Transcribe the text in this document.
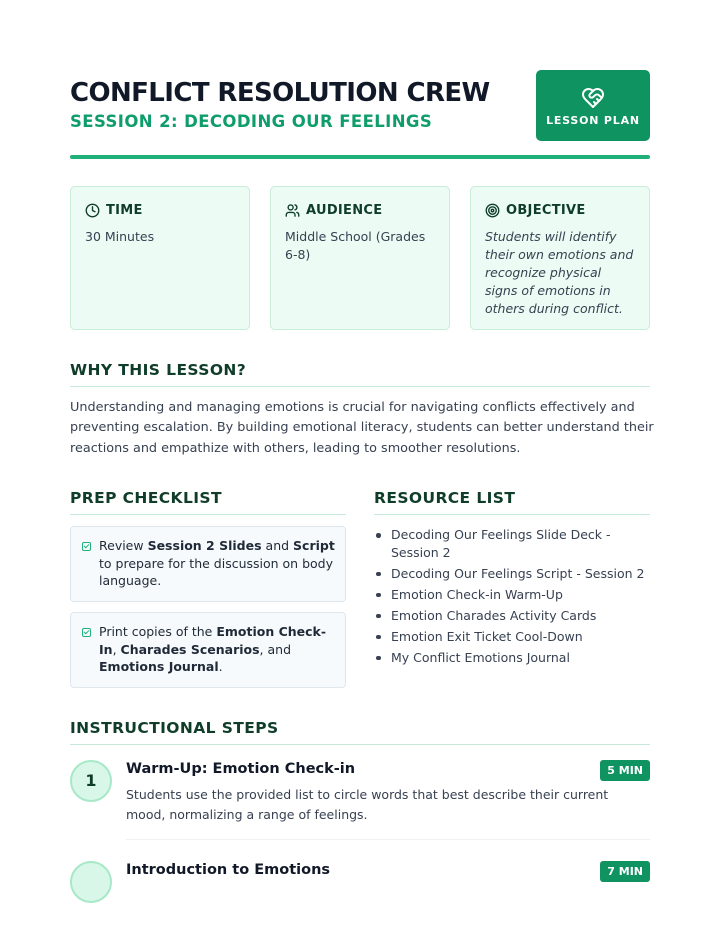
CONFLICT RESOLUTION CREW
SESSION 2: DECODING OUR FEELINGS	LESSON PLAN
TIME
30 Minutes
AUDIENCE
Middle School (Grades 6-8)
OBJECTIVE
Students will identify their own emotions and recognize physical signs of emotions in others during conflict.
WHY THIS LESSON?
Understanding and managing emotions is crucial for navigating conflicts effectively and preventing escalation. By building emotional literacy, students can better understand their reactions and empathize with others, leading to smoother resolutions.
PREP CHECKLIST
Review Session 2 Slides and Script to prepare for the discussion on body language.
Print copies of the Emotion Check-In, Charades Scenarios, and Emotions Journal.
RESOURCE LIST
Decoding Our Feelings Slide Deck - Session 2
Decoding Our Feelings Script - Session 2
Emotion Check-in Warm-Up
Emotion Charades Activity Cards
Emotion Exit Ticket Cool-Down
My Conflict Emotions Journal
INSTRUCTIONAL STEPS
1
Warm-Up: Emotion Check-in	5 MIN
Students use the provided list to circle words that best describe their current mood, normalizing a range of feelings.
Introduction to Emotions	7 MIN
